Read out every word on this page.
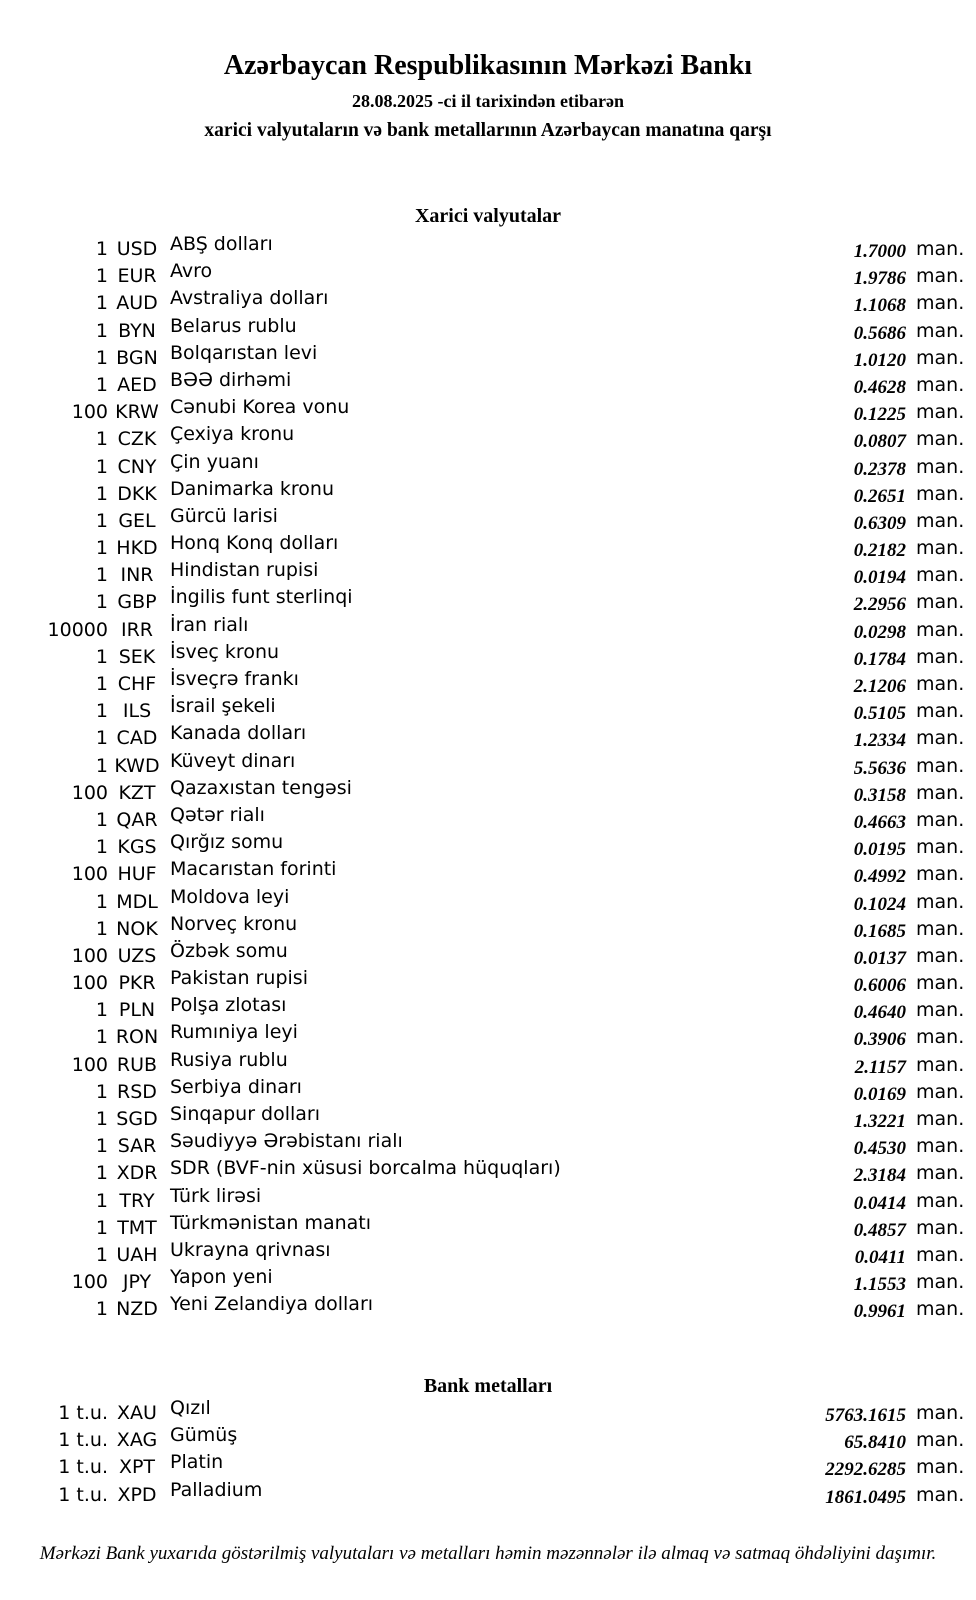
Azərbaycan Respublikasının Mərkəzi Bankı
28.08.2025 -ci il tarixindən etibarən
xarici valyutaların və bank metallarının Azərbaycan manatına qarşı
Xarici valyutalar
1 USD ABŞ dolları	1.7000 man.
1 EUR Avro	1.9786 man.
1 AUD Avstraliya dolları	1.1068 man.
1 BYN Belarus rublu	0.5686 man.
1 BGN Bolqarıstan levi	1.0120 man.
1 AED BƏƏ dirhəmi	0.4628 man.
100 KRW Cənubi Korea vonu	0.1225 man.
1 CZK Çexiya kronu	0.0807 man.
1 CNY Çin yuanı	0.2378 man.
1 DKK Danimarka kronu	0.2651 man.
1 GEL Gürcü larisi	0.6309 man.
1 HKD Honq Konq dolları	0.2182 man.
1 INR Hindistan rupisi	0.0194 man.
1 GBP İngilis funt sterlinqi	2.2956 man.
10000 IRR İran rialı	0.0298 man.
1 SEK İsveç kronu	0.1784 man.
1 CHF İsveçrə frankı	2.1206 man.
1 ILS İsrail şekeli	0.5105 man.
1 CAD Kanada dolları	1.2334 man.
1 KWD Küveyt dinarı	5.5636 man.
100 KZT Qazaxıstan tengəsi	0.3158 man.
1 QAR Qətər rialı	0.4663 man.
1 KGS Qırğız somu	0.0195 man.
100 HUF Macarıstan forinti	0.4992 man.
1 MDL Moldova leyi	0.1024 man.
1 NOK Norveç kronu	0.1685 man.
100 UZS Özbək somu	0.0137 man.
100 PKR Pakistan rupisi	0.6006 man.
1 PLN Polşa zlotası	0.4640 man.
1 RON Rumıniya leyi	0.3906 man.
100 RUB Rusiya rublu	2.1157 man.
1 RSD Serbiya dinarı	0.0169 man.
1 SGD Sinqapur dolları	1.3221 man.
1 SAR Səudiyyə Ərəbistanı rialı	0.4530 man.
1 XDR SDR (BVF-nin xüsusi borcalma hüquqları)	2.3184 man.
1 TRY Türk lirəsi	0.0414 man.
1 TMT Türkmənistan manatı	0.4857 man.
1 UAH Ukrayna qrivnası	0.0411 man.
100 JPY Yapon yeni	1.1553 man.
1 NZD Yeni Zelandiya dolları	0.9961 man.
Bank metalları
1 t.u. XAU Qızıl	5763.1615 man.
1 t.u. XAG Gümüş	65.8410 man.
1 t.u. XPT Platin	2292.6285 man.
1 t.u. XPD Palladium	1861.0495 man.
Mərkəzi Bank yuxarıda göstərilmiş valyutaları və metalları həmin məzənnələr ilə almaq və satmaq öhdəliyini daşımır.
